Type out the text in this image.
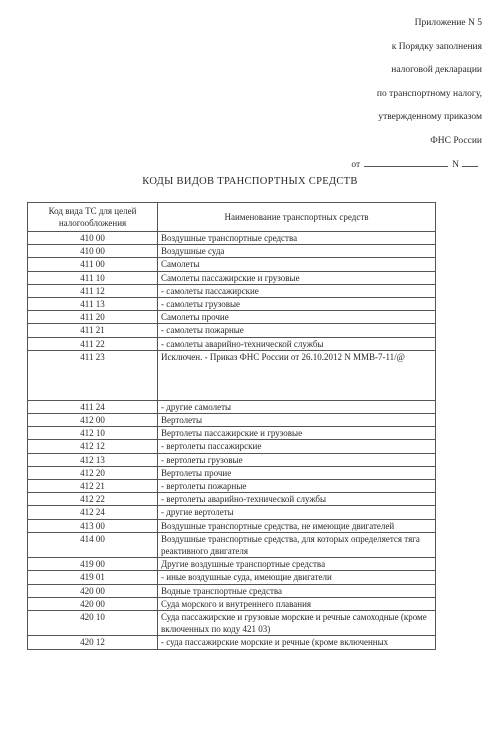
Приложение N 5
к Порядку заполнения
налоговой декларации
по транспортному налогу,
утвержденному приказом
ФНС России
от	N
КОДЫ ВИДОВ ТРАНСПОРТНЫХ СРЕДСТВ
Код вида ТС для целей налогообложения	Наименование транспортных средств
410 00	Воздушные транспортные средства
410 00	Воздушные суда
411 00	Самолеты
411 10	Самолеты пассажирские и грузовые
411 12	- самолеты пассажирские
411 13	- самолеты грузовые
411 20	Самолеты прочие
411 21	- самолеты пожарные
411 22	- самолеты аварийно-технической службы
411 23	Исключен. - Приказ ФНС России от 26.10.2012 N ММВ-7-11/@
411 24	- другие самолеты
412 00	Вертолеты
412 10	Вертолеты пассажирские и грузовые
412 12	- вертолеты пассажирские
412 13	- вертолеты грузовые
412 20	Вертолеты прочие
412 21	- вертолеты пожарные
412 22	- вертолеты аварийно-технической службы
412 24	- другие вертолеты
413 00	Воздушные транспортные средства, не имеющие двигателей
414 00	Воздушные транспортные средства, для которых определяется тяга реактивного двигателя
419 00	Другие воздушные транспортные средства
419 01	- иные воздушные суда, имеющие двигатели
420 00	Водные транспортные средства
420 00	Суда морского и внутреннего плавания
420 10	Суда пассажирские и грузовые морские и речные самоходные (кроме включенных по коду 421 03)
420 12	- суда пассажирские морские и речные (кроме включенных
